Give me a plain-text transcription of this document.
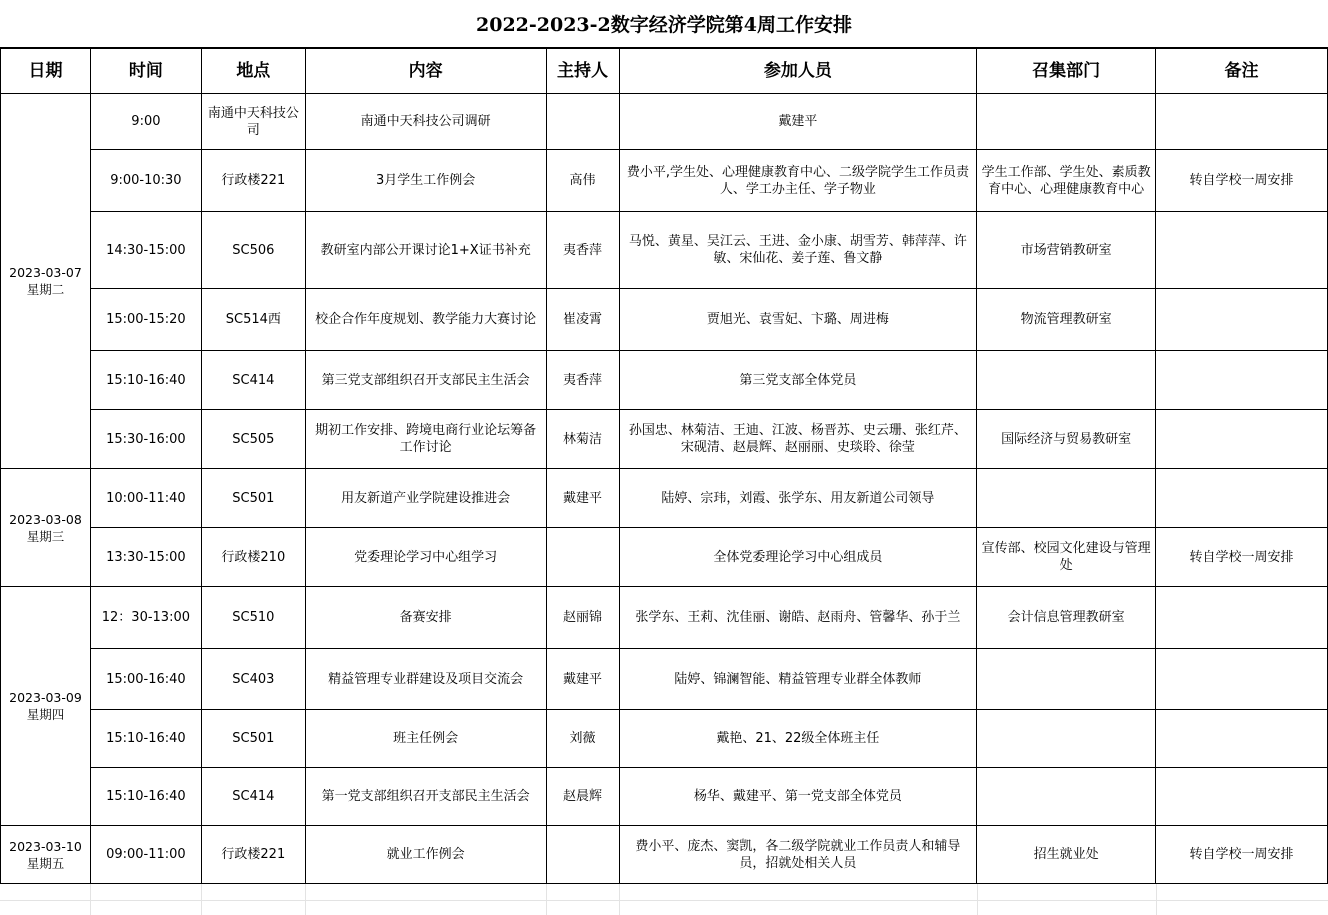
2022-2023-2数字经济学院第4周工作安排
日期	时间	地点	内容	主持人	参加人员	召集部门	备注
2023-03-07
星期二	9:00	南通中天科技公司	南通中天科技公司调研		戴建平		
	9:00-10:30	行政楼221	3月学生工作例会	高伟	费小平,学生处、心理健康教育中心、二级学院学生工作员责人、学工办主任、学子物业	学生工作部、学生处、素质教育中心、心理健康教育中心	转自学校一周安排
	14:30-15:00	SC506	教研室内部公开课讨论1+X证书补充	夷香萍	马悦、黄星、吴江云、王进、金小康、胡雪芳、韩萍萍、许敏、宋仙花、姜子莲、鲁文静	市场营销教研室	
	15:00-15:20	SC514西	校企合作年度规划、教学能力大赛讨论	崔凌霄	贾旭光、袁雪妃、卞璐、周进梅	物流管理教研室	
	15:10-16:40	SC414	第三党支部组织召开支部民主生活会	夷香萍	第三党支部全体党员		
	15:30-16:00	SC505	期初工作安排、跨境电商行业论坛筹备工作讨论	林菊洁	孙国忠、林菊洁、王迪、江波、杨晋苏、史云珊、张红芹、宋砚清、赵晨辉、赵丽丽、史琰聆、徐莹	国际经济与贸易教研室	
2023-03-08
星期三	10:00-11:40	SC501	用友新道产业学院建设推进会	戴建平	陆婷、宗玮，刘霞、张学东、用友新道公司领导		
	13:30-15:00	行政楼210	党委理论学习中心组学习		全体党委理论学习中心组成员	宣传部、校园文化建设与管理处	转自学校一周安排
2023-03-09
星期四	12：30-13:00	SC510	备赛安排	赵丽锦	张学东、王莉、沈佳丽、谢皓、赵雨舟、管馨华、孙于兰	会计信息管理教研室	
	15:00-16:40	SC403	精益管理专业群建设及项目交流会	戴建平	陆婷、锦澜智能、精益管理专业群全体教师		
	15:10-16:40	SC501	班主任例会	刘薇	戴艳、21、22级全体班主任		
	15:10-16:40	SC414	第一党支部组织召开支部民主生活会	赵晨辉	杨华、戴建平、第一党支部全体党员		
2023-03-10
星期五	09:00-11:00	行政楼221	就业工作例会		费小平、庞杰、窦凯，各二级学院就业工作员责人和辅导员，招就处相关人员	招生就业处	转自学校一周安排
